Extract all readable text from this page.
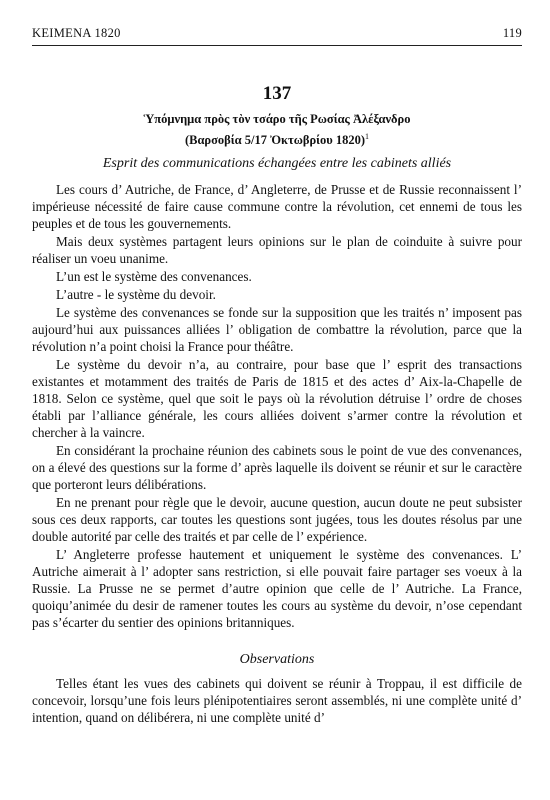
KEIMENA 1820	119
137
Ὑπόμνημα πρὸς τὸν τσάρο τῆς Ρωσίας Ἀλέξανδρο
(Βαρσοβία 5/17 Ὀκτωβρίου 1820)$^1$
Esprit des communications échangées entre les cabinets alliés

Les cours d’ Autriche, de France, d’ Angleterre, de Prusse et de Russie reconnaissent l’ impérieuse nécessité de faire cause commune contre la révolution, cet ennemi de tous les peuples et de tous les gouvernements.

Mais deux systèmes partagent leurs opinions sur le plan de coinduite à suivre pour réaliser un voeu unanime.

L’un est le système des convenances.

L’autre - le système du devoir.

Le système des convenances se fonde sur la supposition que les traités n’ imposent pas aujourd’hui aux puissances alliées l’ obligation de combattre la révolution, parce que la révolution n’a point choisi la France pour théâtre.

Le système du devoir n’a, au contraire, pour base que l’ esprit des transactions existantes et motamment des traités de Paris de 1815 et des actes d’ Aix-la-Chapelle de 1818. Selon ce système, quel que soit le pays où la révolution détruise l’ ordre de choses établi par l’alliance générale, les cours alliées doivent s’armer contre la révolution et chercher à la vaincre.

En considérant la prochaine réunion des cabinets sous le point de vue des convenances, on a élevé des questions sur la forme d’ après laquelle ils doivent se réunir et sur le caractère que porteront leurs délibérations.

En ne prenant pour règle que le devoir, aucune question, aucun doute ne peut subsister sous ces deux rapports, car toutes les questions sont jugées, tous les doutes résolus par une double autorité par celle des traités et par celle de l’ expérience.

L’ Angleterre professe hautement et uniquement le système des convenances. L’ Autriche aimerait à l’ adopter sans restriction, si elle pouvait faire partager ses voeux à la Russie. La Prusse ne se permet d’autre opinion que celle de l’ Autriche. La France, quoiqu’animée du desir de ramener toutes les cours au système du devoir, n’ose cependant pas s’écarter du sentier des opinions britanniques.

Observations

Telles étant les vues des cabinets qui doivent se réunir à Troppau, il est difficile de concevoir, lorsqu’une fois leurs plénipotentiaires seront assemblés, ni une complète unité d’ intention, quand on délibérera, ni une complète unité d’
